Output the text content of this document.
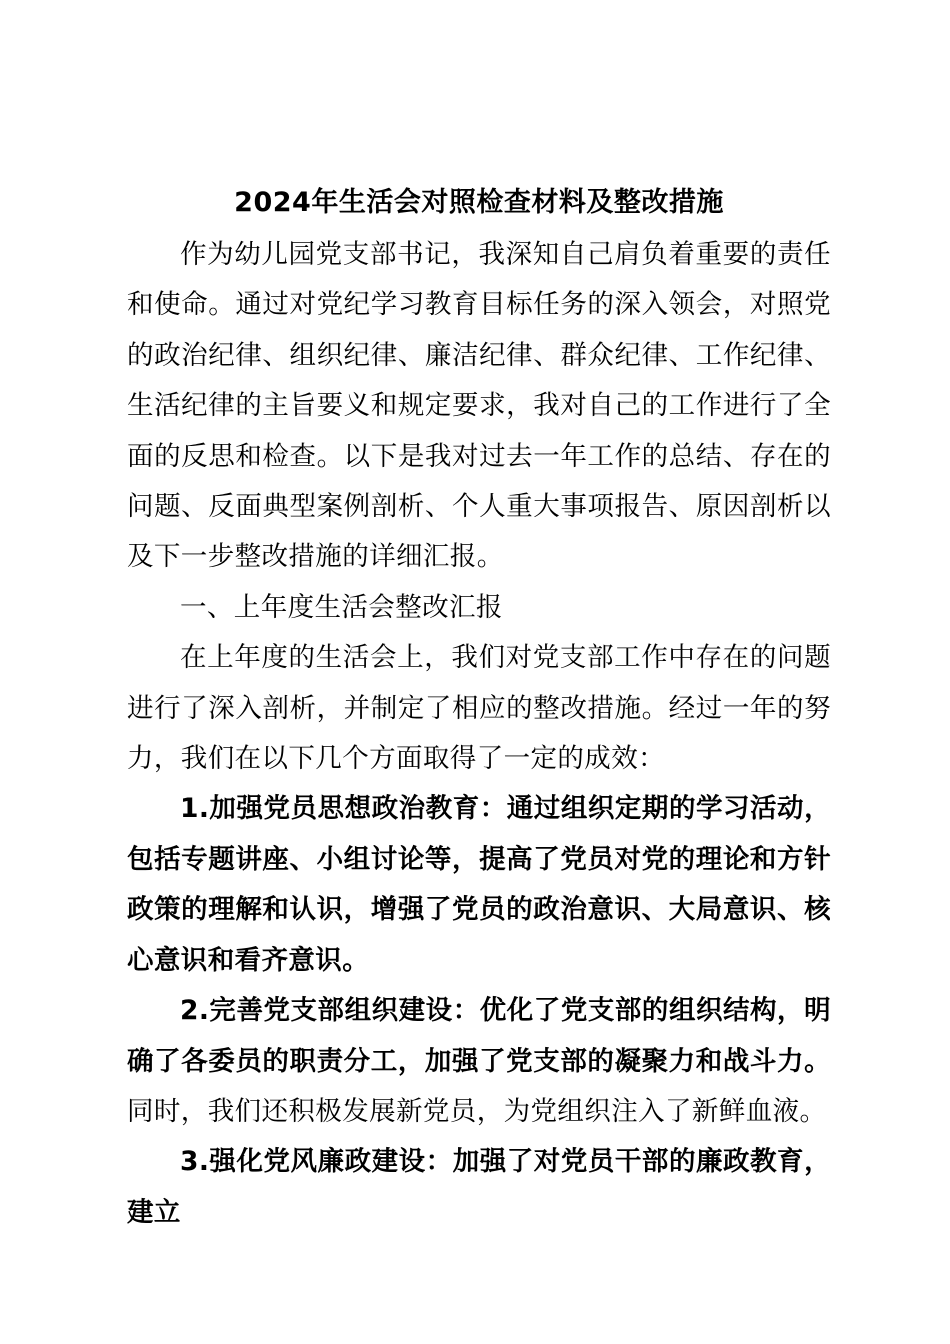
2024年生活会对照检查材料及整改措施

作为幼儿园党支部书记，我深知自己肩负着重要的责任和使命。通过对党纪学习教育目标任务的深入领会，对照党的政治纪律、组织纪律、廉洁纪律、群众纪律、工作纪律、生活纪律的主旨要义和规定要求，我对自己的工作进行了全面的反思和检查。以下是我对过去一年工作的总结、存在的问题、反面典型案例剖析、个人重大事项报告、原因剖析以及下一步整改措施的详细汇报。

一、上年度生活会整改汇报

在上年度的生活会上，我们对党支部工作中存在的问题进行了深入剖析，并制定了相应的整改措施。经过一年的努力，我们在以下几个方面取得了一定的成效：

1.加强党员思想政治教育：通过组织定期的学习活动，包括专题讲座、小组讨论等，提高了党员对党的理论和方针政策的理解和认识，增强了党员的政治意识、大局意识、核心意识和看齐意识。

2.完善党支部组织建设：优化了党支部的组织结构，明确了各委员的职责分工，加强了党支部的凝聚力和战斗力。同时，我们还积极发展新党员，为党组织注入了新鲜血液。

3.强化党风廉政建设：加强了对党员干部的廉政教育，建立
